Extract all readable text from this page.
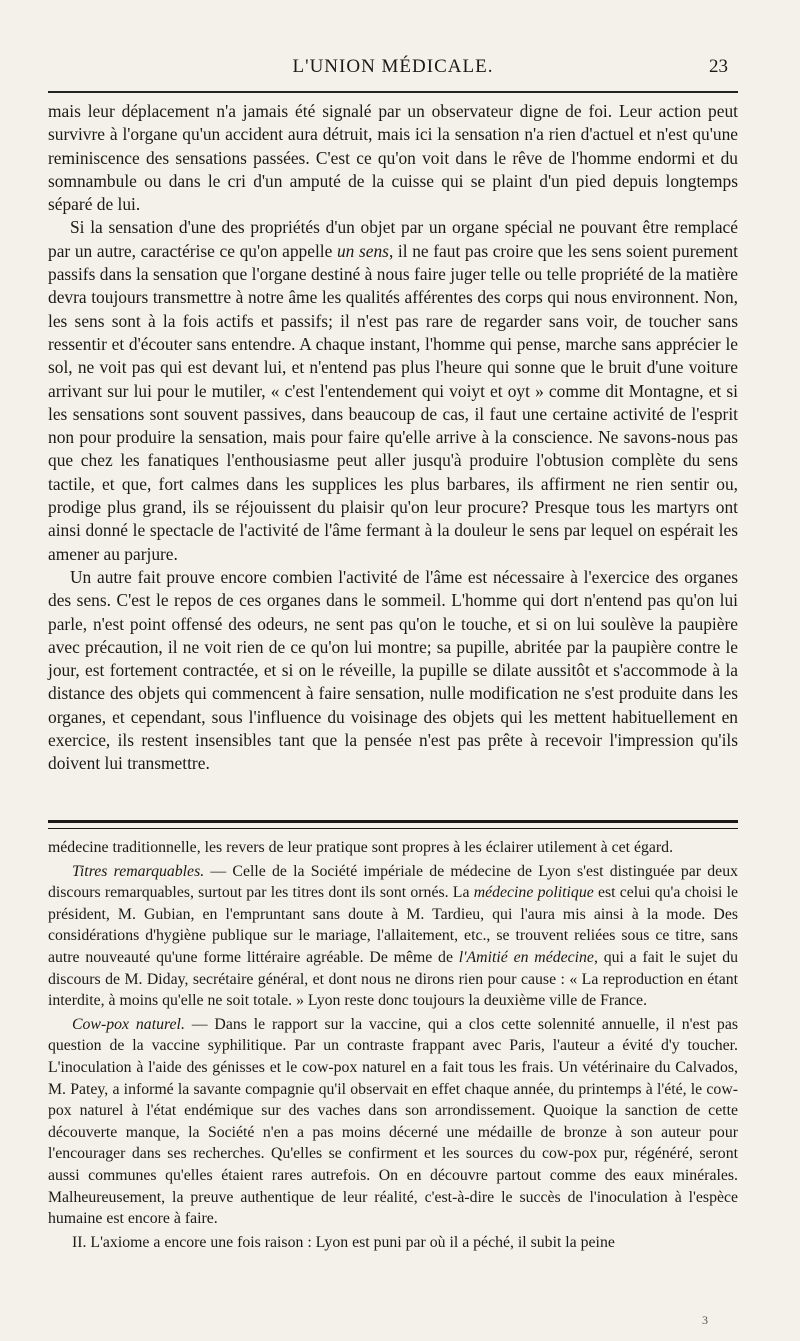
L'UNION MÉDICALE.	23

mais leur déplacement n'a jamais été signalé par un observateur digne de foi. Leur action peut survivre à l'organe qu'un accident aura détruit, mais ici la sensation n'a rien d'actuel et n'est qu'une reminiscence des sensations passées. C'est ce qu'on voit dans le rêve de l'homme endormi et du somnambule ou dans le cri d'un amputé de la cuisse qui se plaint d'un pied depuis longtemps séparé de lui.

Si la sensation d'une des propriétés d'un objet par un organe spécial ne pouvant être remplacé par un autre, caractérise ce qu'on appelle un sens, il ne faut pas croire que les sens soient purement passifs dans la sensation que l'organe destiné à nous faire juger telle ou telle propriété de la matière devra toujours transmettre à notre âme les qualités afférentes des corps qui nous environnent. Non, les sens sont à la fois actifs et passifs; il n'est pas rare de regarder sans voir, de toucher sans ressentir et d'écouter sans entendre. A chaque instant, l'homme qui pense, marche sans apprécier le sol, ne voit pas qui est devant lui, et n'entend pas plus l'heure qui sonne que le bruit d'une voiture arrivant sur lui pour le mutiler, « c'est l'entendement qui voiyt et oyt » comme dit Montagne, et si les sensations sont souvent passives, dans beaucoup de cas, il faut une certaine activité de l'esprit non pour produire la sensation, mais pour faire qu'elle arrive à la conscience. Ne savons-nous pas que chez les fanatiques l'enthousiasme peut aller jusqu'à produire l'obtusion complète du sens tactile, et que, fort calmes dans les supplices les plus barbares, ils affirment ne rien sentir ou, prodige plus grand, ils se réjouissent du plaisir qu'on leur procure? Presque tous les martyrs ont ainsi donné le spectacle de l'activité de l'âme fermant à la douleur le sens par lequel on espérait les amener au parjure.

Un autre fait prouve encore combien l'activité de l'âme est nécessaire à l'exercice des organes des sens. C'est le repos de ces organes dans le sommeil. L'homme qui dort n'entend pas qu'on lui parle, n'est point offensé des odeurs, ne sent pas qu'on le touche, et si on lui soulève la paupière avec précaution, il ne voit rien de ce qu'on lui montre; sa pupille, abritée par la paupière contre le jour, est fortement contractée, et si on le réveille, la pupille se dilate aussitôt et s'accommode à la distance des objets qui commencent à faire sensation, nulle modification ne s'est produite dans les organes, et cependant, sous l'influence du voisinage des objets qui les mettent habituellement en exercice, ils restent insensibles tant que la pensée n'est pas prête à recevoir l'impression qu'ils doivent lui transmettre.

médecine traditionnelle, les revers de leur pratique sont propres à les éclairer utilement à cet égard.

Titres remarquables. — Celle de la Société impériale de médecine de Lyon s'est distinguée par deux discours remarquables, surtout par les titres dont ils sont ornés. La médecine politique est celui qu'a choisi le président, M. Gubian, en l'empruntant sans doute à M. Tardieu, qui l'aura mis ainsi à la mode. Des considérations d'hygiène publique sur le mariage, l'allaitement, etc., se trouvent reliées sous ce titre, sans autre nouveauté qu'une forme littéraire agréable. De même de l'Amitié en médecine, qui a fait le sujet du discours de M. Diday, secrétaire général, et dont nous ne dirons rien pour cause : « La reproduction en étant interdite, à moins qu'elle ne soit totale. » Lyon reste donc toujours la deuxième ville de France.

Cow-pox naturel. — Dans le rapport sur la vaccine, qui a clos cette solennité annuelle, il n'est pas question de la vaccine syphilitique. Par un contraste frappant avec Paris, l'auteur a évité d'y toucher. L'inoculation à l'aide des génisses et le cow-pox naturel en a fait tous les frais. Un vétérinaire du Calvados, M. Patey, a informé la savante compagnie qu'il observait en effet chaque année, du printemps à l'été, le cow-pox naturel à l'état endémique sur des vaches dans son arrondissement. Quoique la sanction de cette découverte manque, la Société n'en a pas moins décerné une médaille de bronze à son auteur pour l'encourager dans ses recherches. Qu'elles se confirment et les sources du cow-pox pur, régénéré, seront aussi communes qu'elles étaient rares autrefois. On en découvre partout comme des eaux minérales. Malheureusement, la preuve authentique de leur réalité, c'est-à-dire le succès de l'inoculation à l'espèce humaine est encore à faire.

II. L'axiome a encore une fois raison : Lyon est puni par où il a péché, il subit la peine

3
